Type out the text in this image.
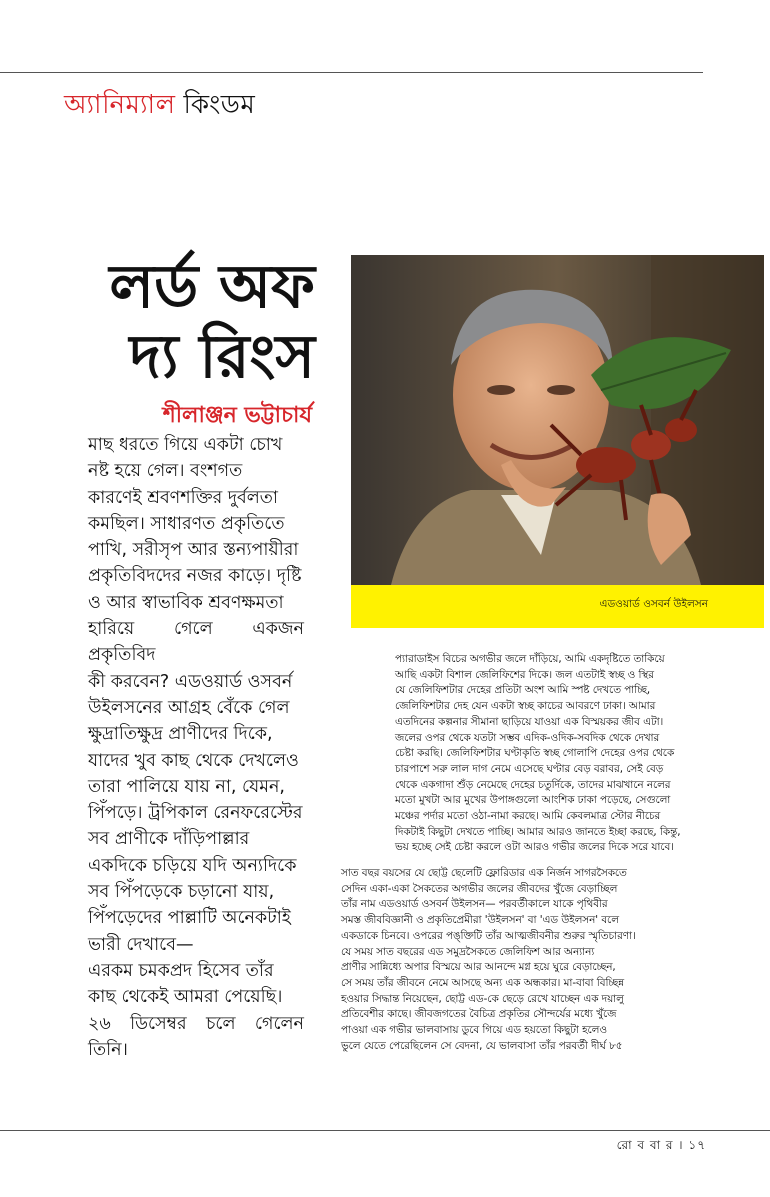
অ্যানিম্যাল কিংডম
লর্ড অফ
দ্য রিংস
শীলাঞ্জন ভট্টাচার্য

মাছ ধরতে গিয়ে একটা চোখ
নষ্ট হয়ে গেল। বংশগত
কারণেই শ্রবণশক্তির দুর্বলতা
কমছিল। সাধারণত প্রকৃতিতে
পাখি, সরীসৃপ আর স্তন্যপায়ীরা
প্রকৃতিবিদদের নজর কাড়ে। দৃষ্টি
ও আর স্বাভাবিক শ্রবণক্ষমতা
হারিয়ে গেলে একজন প্রকৃতিবিদ
কী করবেন? এডওয়ার্ড ওসবর্ন
উইলসনের আগ্রহ বেঁকে গেল
ক্ষুদ্রাতিক্ষুদ্র প্রাণীদের দিকে,
যাদের খুব কাছ থেকে দেখলেও
তারা পালিয়ে যায় না, যেমন,
পিঁপড়ে। ট্রপিকাল রেনফরেস্টের
সব প্রাণীকে দাঁড়িপাল্লার
একদিকে চড়িয়ে যদি অন্যদিকে
সব পিঁপড়েকে চড়ানো যায়,
পিঁপড়েদের পাল্লাটি অনেকটাই
ভারী দেখাবে—
এরকম চমকপ্রদ হিসেব তাঁর
কাছ থেকেই আমরা পেয়েছি।
২৬ ডিসেম্বর চলে গেলেন তিনি।

এডওয়ার্ড ওসবর্ন উইলসন
প্যারাডাইস বিচের অগভীর জলে দাঁড়িয়ে, আমি একদৃষ্টিতে তাকিয়ে
আছি একটা বিশাল জেলিফিশের দিকে। জল এতটাই স্বচ্ছ ও স্থির
যে জেলিফিশটার দেহের প্রতিটা অংশ আমি স্পষ্ট দেখতে পাচ্ছি,
জেলিফিশটার দেহ যেন একটা স্বচ্ছ কাচের আবরণে ঢাকা। আমার
এতদিনের কল্পনার সীমানা ছাড়িয়ে যাওয়া এক বিস্ময়কর জীব এটা।
জলের ওপর থেকে যতটা সম্ভব এদিক-ওদিক-সবদিক থেকে দেখার
চেষ্টা করছি। জেলিফিশটার ঘণ্টাকৃতি স্বচ্ছ গোলাপি দেহের ওপর থেকে
চারপাশে সরু লাল দাগ নেমে এসেছে ঘণ্টার বেড় বরাবর, সেই বেড়
থেকে একগাদা শুঁড় নেমেছে দেহের চতুর্দিকে, তাদের মাঝখানে নলের
মতো মুখটা আর মুখের উপাঙ্গগুলো আংশিক ঢাকা পড়েছে, সেগুলো
মঞ্চের পর্দার মতো ওঠা-নামা করছে। আমি কেবলমাত্র স্টোর নীচের
দিকটাই কিছুটা দেখতে পাচ্ছি। আমার আরও জানতে ইচ্ছা করছে, কিন্তু,
ভয় হচ্ছে সেই চেষ্টা করলে ওটা আরও গভীর জলের দিকে সরে যাবে।
সাত বছর বয়সের যে ছোট্ট ছেলেটি ফ্লোরিডার এক নির্জন সাগরসৈকতে
সেদিন একা-একা সৈকতের অগভীর জলের জীবদের খুঁজে বেড়াচ্ছিল
তাঁর নাম এডওয়ার্ড ওসবর্ন উইলসন— পরবর্তীকালে যাকে পৃথিবীর
সমস্ত জীববিজ্ঞানী ও প্রকৃতিপ্রেমীরা 'উইলসন' বা 'এড উইলসন' বলে
একডাকে চিনবে। ওপরের পঙ্‌ক্তিটি তাঁর আত্মজীবনীর শুরুর স্মৃতিচারণা।
যে সময় সাত বছরের এড সমুদ্রসৈকতে জেলিফিশ আর অন্যান্য
প্রাণীর সান্নিধ্যে অপার বিস্ময়ে আর আনন্দে মগ্ন হয়ে ঘুরে বেড়াচ্ছেন,
সে সময় তাঁর জীবনে নেমে আসছে অন্য এক অন্ধকার। মা-বাবা বিচ্ছিন্ন
হওয়ার সিদ্ধান্ত নিয়েছেন, ছোট্ট এড-কে ছেড়ে রেখে যাচ্ছেন এক দয়ালু
প্রতিবেশীর কাছে। জীবজগতের বৈচিত্র প্রকৃতির সৌন্দর্যের মধ্যে খুঁজে
পাওয়া এক গভীর ভালবাসায় ডুবে গিয়ে এড হয়তো কিছুটা হলেও
ভুলে যেতে পেরেছিলেন সে বেদনা, যে ভালবাসা তাঁর পরবর্তী দীর্ঘ ৮৫
রো ব বা র । ১৭
